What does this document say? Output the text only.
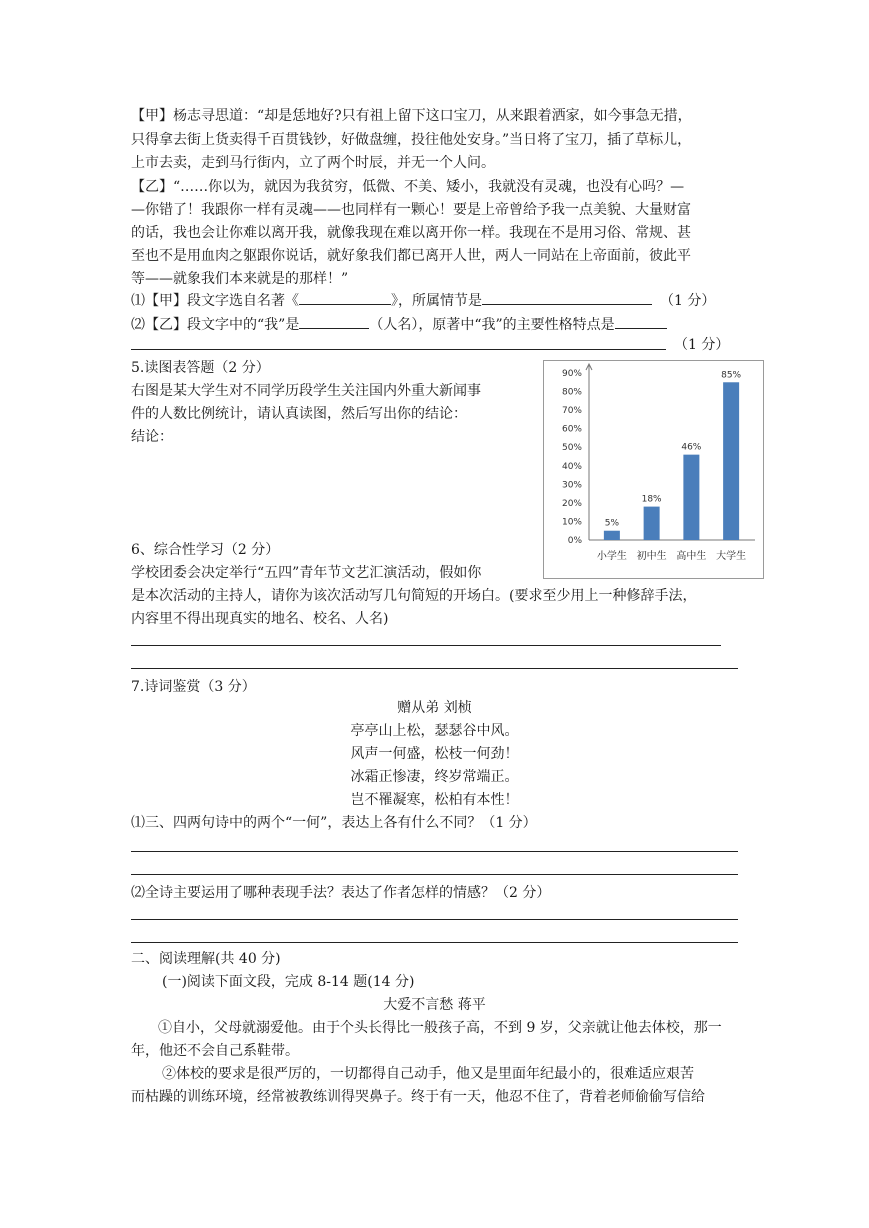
【甲】杨志寻思道：“却是恁地好?只有祖上留下这口宝刀，从来跟着洒家，如今事急无措，
只得拿去街上货卖得千百贯钱钞，好做盘缠，投往他处安身。”当日将了宝刀，插了草标儿，
上市去卖，走到马行街内，立了两个时辰，并无一个人问。
【乙】“……你以为，就因为我贫穷，低微、不美、矮小，我就没有灵魂，也没有心吗？—
—你错了！我跟你一样有灵魂——也同样有一颗心！要是上帝曾给予我一点美貌、大量财富
的话，我也会让你难以离开我，就像我现在难以离开你一样。我现在不是用习俗、常规、甚
至也不是用血肉之躯跟你说话，就好象我们都已离开人世，两人一同站在上帝面前，彼此平
等——就象我们本来就是的那样！”
⑴【甲】段文字选自名著《	》，所属情节是	（1 分）
⑵【乙】段文字中的“我”是	（人名），原著中“我”的主要性格特点是
（1 分）
5.读图表答题（2 分）
右图是某大学生对不同学历段学生关注国内外重大新闻事
件的人数比例统计，请认真读图，然后写出你的结论：
结论：
0%
10%
20%
30%
40%
50%
60%
70%
80%
90%
5%
小学生
18%
初中生
46%
高中生
85%
大学生
6、综合性学习（2 分）
学校团委会决定举行“五四”青年节文艺汇演活动，假如你
是本次活动的主持人，请你为该次活动写几句简短的开场白。(要求至少用上一种修辞手法，
内容里不得出现真实的地名、校名、人名)
7.诗词鉴赏（3 分）
赠从弟 刘桢
亭亭山上松，瑟瑟谷中风。
风声一何盛，松枝一何劲！
冰霜正惨凄，终岁常端正。
岂不罹凝寒，松柏有本性！
⑴三、四两句诗中的两个“一何”，表达上各有什么不同？（1 分）
⑵全诗主要运用了哪种表现手法？表达了作者怎样的情感？（2 分）
二、阅读理解(共 40 分)
(一)阅读下面文段，完成 8-14 题(14 分)
大爱不言愁 蒋平
①自小，父母就溺爱他。由于个头长得比一般孩子高，不到 9 岁，父亲就让他去体校，那一
年，他还不会自己系鞋带。
②体校的要求是很严厉的，一切都得自己动手，他又是里面年纪最小的，很难适应艰苦
而枯躁的训练环境，经常被教练训得哭鼻子。终于有一天，他忍不住了，背着老师偷偷写信给
